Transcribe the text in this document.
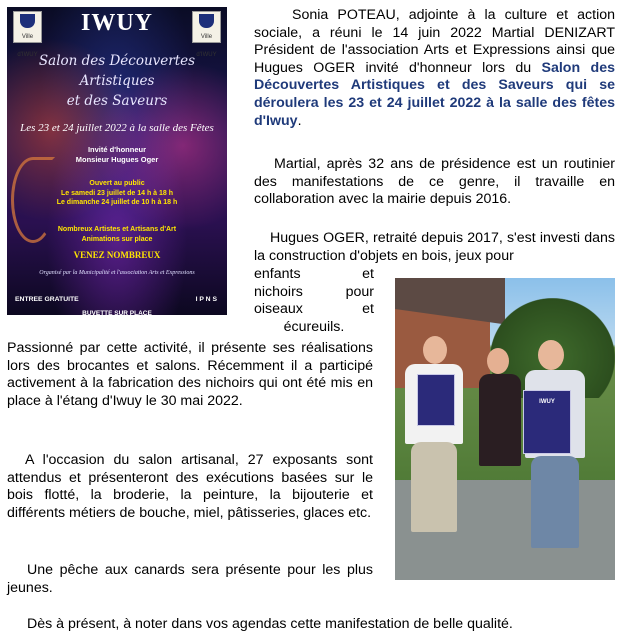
Ville d'IWUY
Ville d'IWUY
IWUY
Salon des Découvertes Artistiques
et des Saveurs
Les 23 et 24 juillet 2022 à la salle des Fêtes
Invité d'honneur
Monsieur Hugues Oger
Ouvert au public
Le samedi 23 juillet de 14 h à 18 h
Le dimanche 24 juillet de 10 h à 18 h
Nombreux Artistes et Artisans d'Art
Animations sur place
VENEZ NOMBREUX
Organisé par la Municipalité et l'association Arts et Expressions
ENTREE GRATUITE	I P N S
BUVETTE SUR PLACE
Sonia POTEAU, adjointe à la culture et action sociale, a réuni le 14 juin 2022 Martial DENIZART Président de l'association Arts et Expressions ainsi que Hugues OGER invité d'honneur lors du Salon des Découvertes Artistiques et des Saveurs qui se déroulera les 23 et 24 juillet 2022 à la salle des fêtes d'Iwuy.
Martial, après 32 ans de présidence est un routinier des manifestations de ce genre, il travaille en collaboration avec la mairie depuis 2016.
Hugues OGER, retraité depuis 2017, s'est investi dans la construction d'objets en bois, jeux pour
enfants	et
nichoirs	pour
oiseaux	et
écureuils.
Passionné par cette activité, il présente ses réalisations lors des brocantes et salons. Récemment il a participé activement à la fabrication des nichoirs qui ont été mis en place à l'étang d'Iwuy le 30 mai 2022.
A l'occasion du salon artisanal, 27 exposants sont attendus et présenteront des exécutions basées sur le bois flotté, la broderie, la peinture, la bijouterie et différents métiers de bouche, miel, pâtisseries, glaces etc.
Une pêche aux canards sera présente pour les plus jeunes.
Dès à présent, à noter dans vos agendas cette manifestation de belle qualité.
IWUY
